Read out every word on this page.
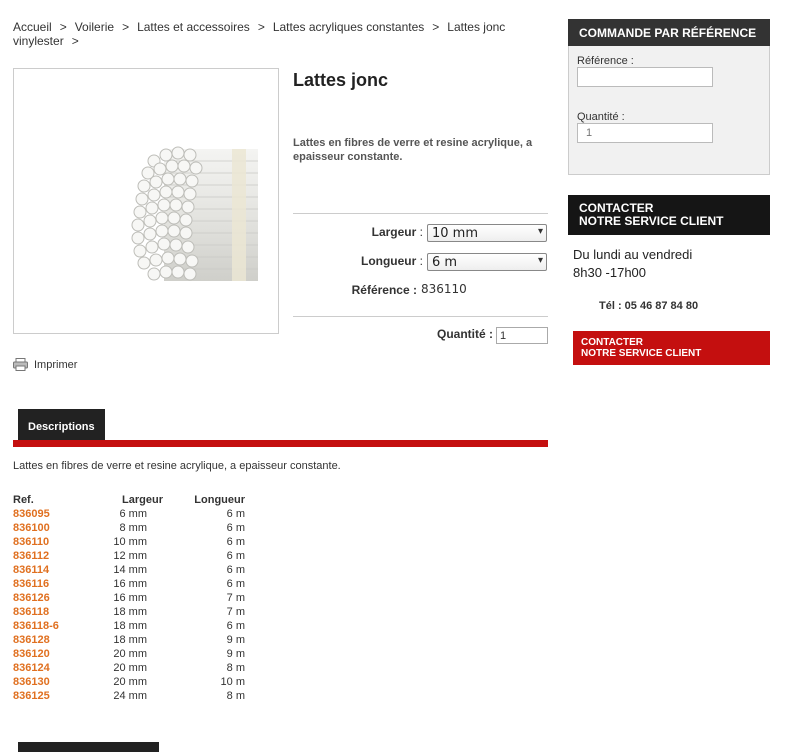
Accueil > Voilerie > Lattes et accessoires > Lattes acryliques constantes > Lattes jonc vinylester >
Lattes jonc
Lattes en fibres de verre et resine acrylique, a epaisseur constante.
Largeur : 10 mm	▾
Longueur : 6 m	▾
Référence : 836110
Quantité :
1
Imprimer
Descriptions
Lattes en fibres de verre et resine acrylique, a epaisseur constante.
Ref.	Largeur	Longueur
836095	6 mm	6 m
836100	8 mm	6 m
836110	10 mm	6 m
836112	12 mm	6 m
836114	14 mm	6 m
836116	16 mm	6 m
836126	16 mm	7 m
836118	18 mm	7 m
836118-6	18 mm	6 m
836128	18 mm	9 m
836120	20 mm	9 m
836124	20 mm	8 m
836130	20 mm	10 m
836125	24 mm	8 m
COMMANDE PAR RÉFÉRENCE
Référence :
Quantité :
1
CONTACTER
NOTRE SERVICE CLIENT
Du lundi au vendredi
8h30 -17h00
Tél : 05 46 87 84 80
CONTACTER
NOTRE SERVICE CLIENT
